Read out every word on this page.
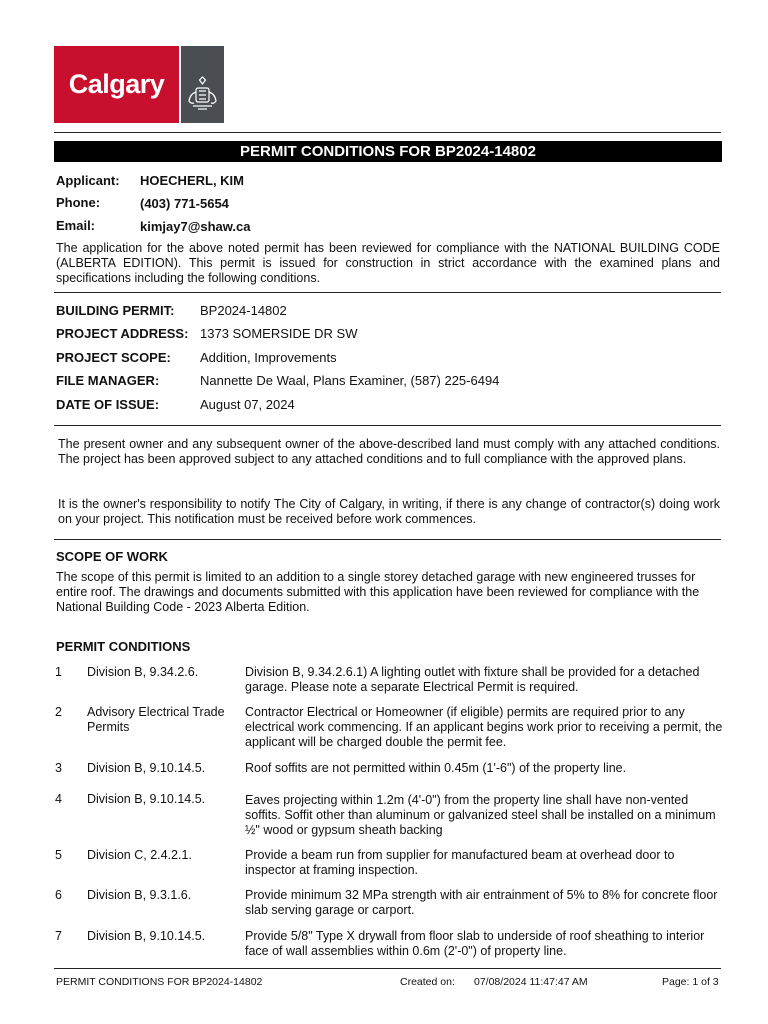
Calgary
PERMIT CONDITIONS FOR BP2024-14802
Applicant: HOECHERL, KIM
Phone:	(403) 771-5654
Email:	kimjay7@shaw.ca
The application for the above noted permit has been reviewed for compliance with the NATIONAL BUILDING CODE (ALBERTA EDITION). This permit is issued for construction in strict accordance with the examined plans and specifications including the following conditions.
BUILDING PERMIT: BP2024-14802
PROJECT ADDRESS: 1373 SOMERSIDE DR SW
PROJECT SCOPE: Addition, Improvements
FILE MANAGER:	Nannette De Waal, Plans Examiner, (587) 225-6494
DATE OF ISSUE:	August 07, 2024
The present owner and any subsequent owner of the above-described land must comply with any attached conditions. The project has been approved subject to any attached conditions and to full compliance with the approved plans.
It is the owner's responsibility to notify The City of Calgary, in writing, if there is any change of contractor(s) doing work on your project. This notification must be received before work commences.
SCOPE OF WORK
The scope of this permit is limited to an addition to a single storey detached garage with new engineered trusses for entire roof. The drawings and documents submitted with this application have been reviewed for compliance with the National Building Code - 2023 Alberta Edition.
PERMIT CONDITIONS
1 Division B, 9.34.2.6.	Division B, 9.34.2.6.1) A lighting outlet with fixture shall be provided for a detached garage. Please note a separate Electrical Permit is required.
2 Advisory Electrical Trade Permits
Contractor Electrical or Homeowner (if eligible) permits are required prior to any electrical work commencing. If an applicant begins work prior to receiving a permit, the applicant will be charged double the permit fee.
3 Division B, 9.10.14.5.	Roof soffits are not permitted within 0.45m (1'-6") of the property line.
4 Division B, 9.10.14.5.	Eaves projecting within 1.2m (4'-0") from the property line shall have non-vented soffits. Soffit other than aluminum or galvanized steel shall be installed on a minimum ½" wood or gypsum sheath backing
5 Division C, 2.4.2.1.	Provide a beam run from supplier for manufactured beam at overhead door to inspector at framing inspection.
6 Division B, 9.3.1.6.	Provide minimum 32 MPa strength with air entrainment of 5% to 8% for concrete floor slab serving garage or carport.
7 Division B, 9.10.14.5.	Provide 5/8" Type X drywall from floor slab to underside of roof sheathing to interior face of wall assemblies within 0.6m (2'-0") of property line.
PERMIT CONDITIONS FOR BP2024-14802	Created on: 07/08/2024 11:47:47 AM	Page: 1 of 3
